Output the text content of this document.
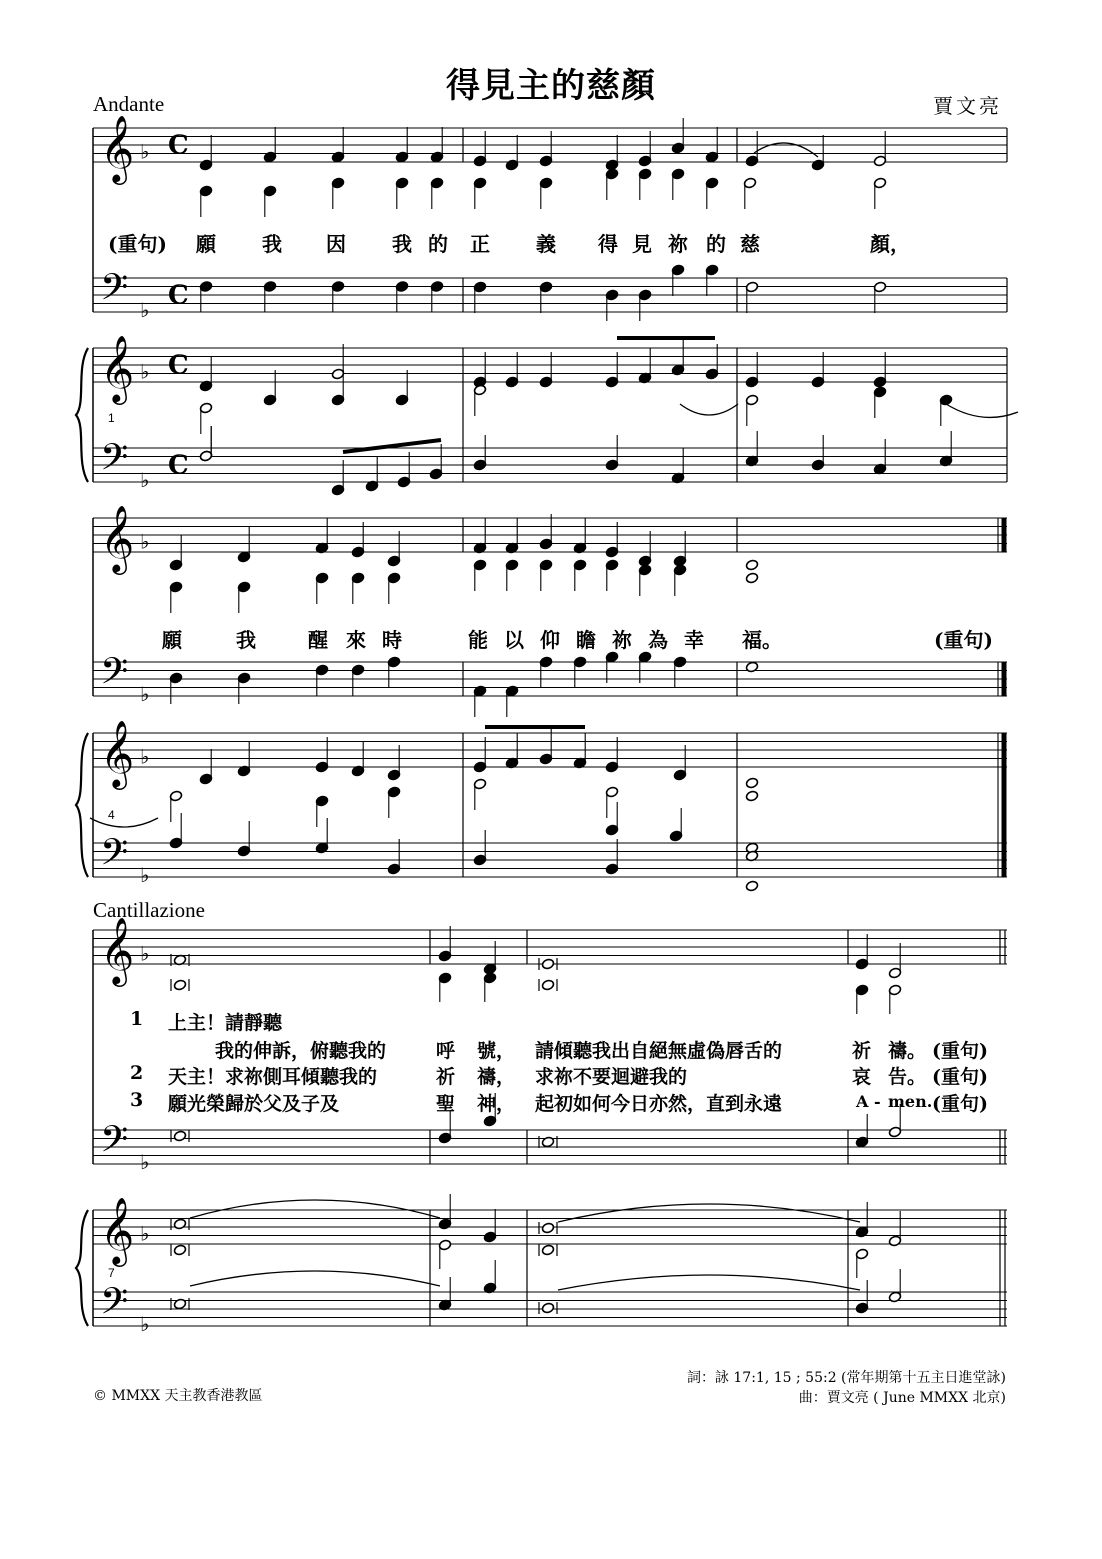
𝄞 ♭
𝄢 ♭
𝄞 ♭
𝄢 ♭
𝄞 ♭
𝄢 ♭
𝄞 ♭
𝄢 ♭
𝄞 ♭
𝄢 ♭
𝄞 ♭
𝄢 ♭
C
C
C
C
得見主的慈顏	賈文亮
Andante
Cantillazione
(重句) 願 我 因 我 的 正 義 得 見 祢 的 慈	顏，
願	我	醒 來 時	能 以 仰 瞻 祢 為 幸 福。	(重句)
1
4
7
1 上主！請靜聽
我的伸訴，俯聽我的	呼 號， 請傾聽我出自絕無虛偽唇舌的	祈 禱。 (重句)
2 天主！求祢側耳傾聽我的	祈 禱， 求祢不要迴避我的	哀 告。 (重句)
3 願光榮歸於父及子及	聖 神， 起初如何今日亦然，直到永遠	A - men. (重句)
© MMXX 天主教香港教區
詞：詠 17:1, 15 ; 55:2 (常年期第十五主日進堂詠)
曲：賈文亮 ( June MMXX 北京)
